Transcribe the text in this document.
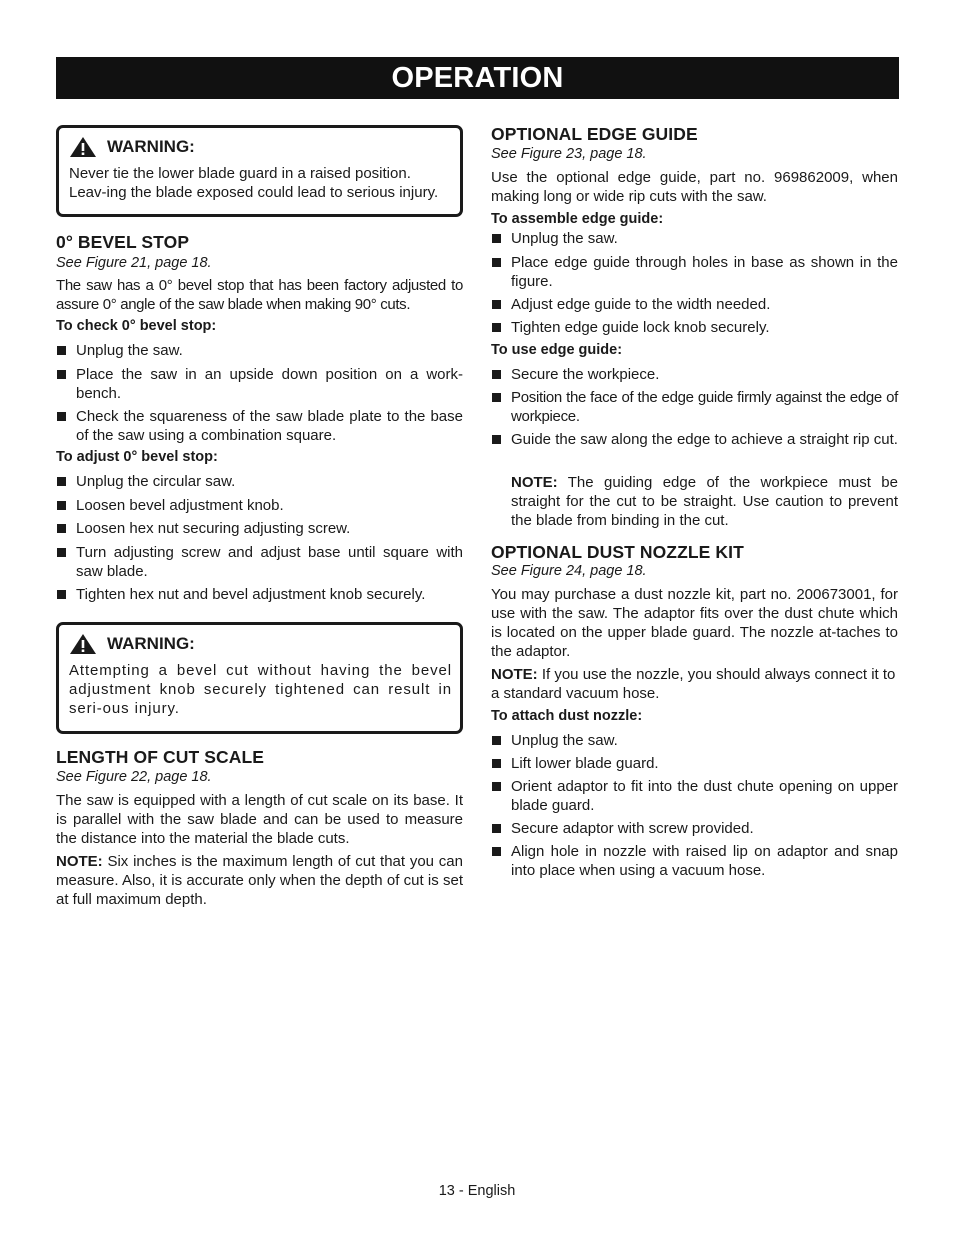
OPERATION
WARNING:
Never tie the lower blade guard in a raised position. Leav-ing the blade exposed could lead to serious injury.
0° BEVEL STOP
See Figure 21, page 18.
The saw has a 0° bevel stop that has been factory adjusted to assure 0° angle of the saw blade when making 90° cuts.
To check 0° bevel stop:
Unplug the saw.
Place the saw in an upside down position on a work-bench.
Check the squareness of the saw blade plate to the base of the saw using a combination square.
To adjust 0° bevel stop:
Unplug the circular saw.
Loosen bevel adjustment knob.
Loosen hex nut securing adjusting screw.
Turn adjusting screw and adjust base until square with saw blade.
Tighten hex nut and bevel adjustment knob securely.
WARNING:
Attempting a bevel cut without having the bevel adjustment knob securely tightened can result in seri-ous injury.
LENGTH OF CUT SCALE
See Figure 22, page 18.
The saw is equipped with a length of cut scale on its base. It is parallel with the saw blade and can be used to measure the distance into the material the blade cuts.
NOTE: Six inches is the maximum length of cut that you can measure. Also, it is accurate only when the depth of cut is set at full maximum depth.
OPTIONAL EDGE GUIDE
See Figure 23, page 18.
Use the optional edge guide, part no. 969862009, when making long or wide rip cuts with the saw.
To assemble edge guide:
Unplug the saw.
Place edge guide through holes in base as shown in the figure.
Adjust edge guide to the width needed.
Tighten edge guide lock knob securely.
To use edge guide:
Secure the workpiece.
Position the face of the edge guide firmly against the edge of workpiece.
Guide the saw along the edge to achieve a straight rip cut.
NOTE: The guiding edge of the workpiece must be straight for the cut to be straight. Use caution to prevent the blade from binding in the cut.
OPTIONAL DUST NOZZLE KIT
See Figure 24, page 18.
You may purchase a dust nozzle kit, part no. 200673001, for use with the saw. The adaptor fits over the dust chute which is located on the upper blade guard. The nozzle at-taches to the adaptor.
NOTE: If you use the nozzle, you should always connect it to a standard vacuum hose.
To attach dust nozzle:
Unplug the saw.
Lift lower blade guard.
Orient adaptor to fit into the dust chute opening on upper blade guard.
Secure adaptor with screw provided.
Align hole in nozzle with raised lip on adaptor and snap into place when using a vacuum hose.
13 - English
